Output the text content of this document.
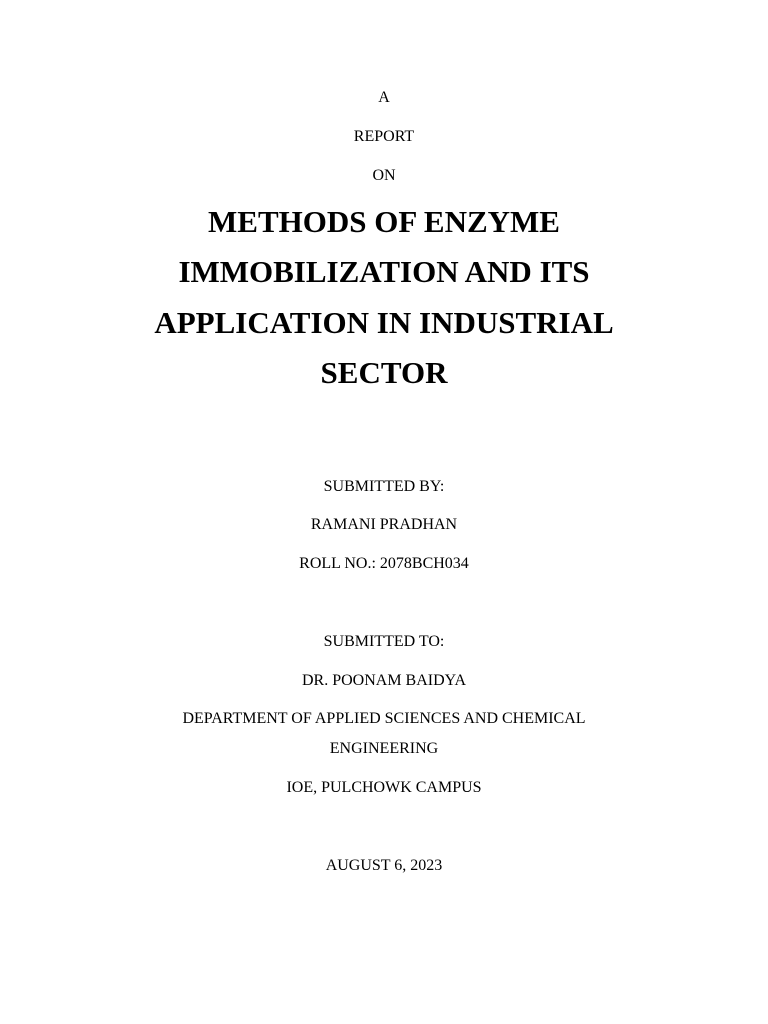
A
REPORT
ON
METHODS OF ENZYME
IMMOBILIZATION AND ITS
APPLICATION IN INDUSTRIAL
SECTOR
SUBMITTED BY:
RAMANI PRADHAN
ROLL NO.: 2078BCH034
SUBMITTED TO:
DR. POONAM BAIDYA
DEPARTMENT OF APPLIED SCIENCES AND CHEMICAL
ENGINEERING
IOE, PULCHOWK CAMPUS
AUGUST 6, 2023
